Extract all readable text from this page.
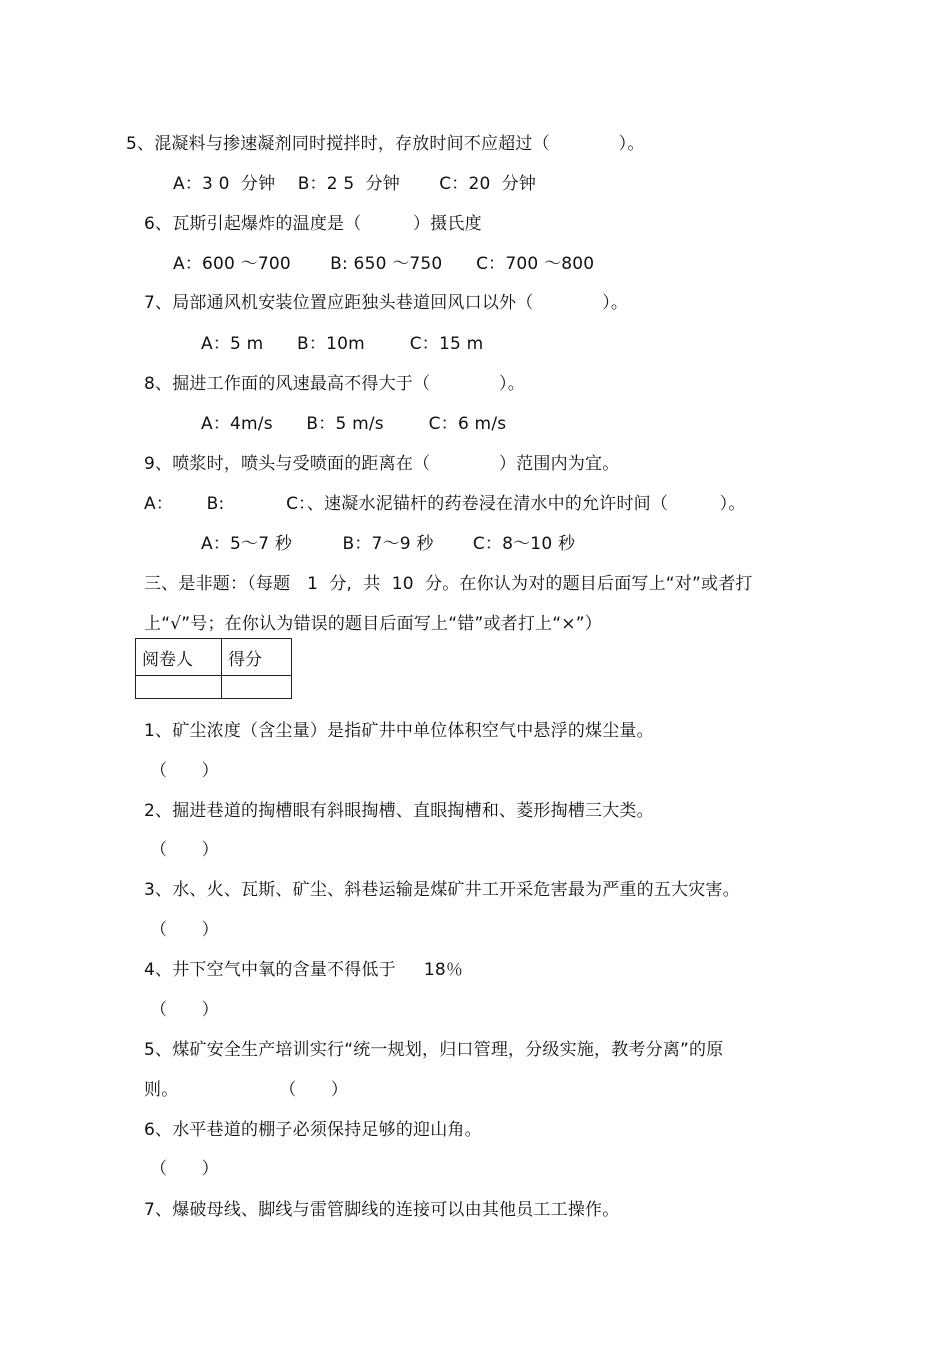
5、混凝料与掺速凝剂同时搅拌时，存放时间不应超过（　　　　）。
A：3 0  分钟    B：2 5  分钟       C：20  分钟
6、瓦斯引起爆炸的温度是（　　　）摄氏度
A：600 ～700       B: 650 ～750      C：700 ～800
7、局部通风机安装位置应距独头巷道回风口以外（　　　　）。
A：5 m      B：10m        C：15 m
8、掘进工作面的风速最高不得大于（　　　　）。
A：4m/s      B：5 m/s        C：6 m/s
9、喷浆时，喷头与受喷面的距离在（　　　　）范围内为宜。
A：      B:           C：、速凝水泥锚杆的药卷浸在清水中的允许时间（　　　）。
A：5～7 秒         B：7～9 秒       C：8～10 秒
三、是非题：（每题   1  分,  共  10  分。在你认为对的题目后面写上“对”或者打
上“√”号；在你认为错误的题目后面写上“错”或者打上“×”）
阅卷人	得分

1、矿尘浓度（含尘量）是指矿井中单位体积空气中悬浮的煤尘量。
（　　）
2、掘进巷道的掏槽眼有斜眼掏槽、直眼掏槽和、菱形掏槽三大类。
（　　）
3、水、火、瓦斯、矿尘、斜巷运输是煤矿井工开采危害最为严重的五大灾害。
（　　）
4、井下空气中氧的含量不得低于     18％
（　　）
5、煤矿安全生产培训实行“统一规划，归口管理，分级实施，教考分离”的原
则。                  （　　）
6、水平巷道的棚子必须保持足够的迎山角。
（　　）
7、爆破母线、脚线与雷管脚线的连接可以由其他员工工操作。
